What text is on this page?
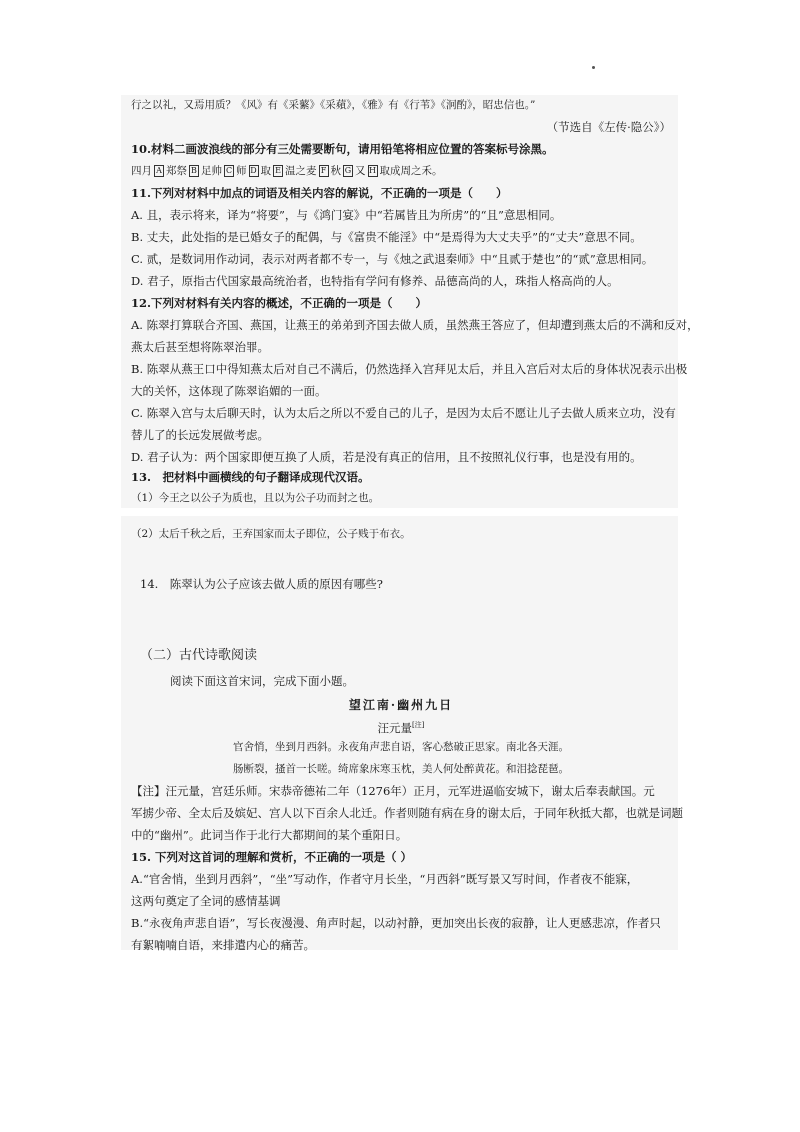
行之以礼，又焉用质？《风》有《采蘩》《采蘋》，《雅》有《行苇》《泂酌》，昭忠信也。”
（节选自《左传·隐公》）
10.材料二画波浪线的部分有三处需要断句，请用铅笔将相应位置的答案标号涂黑。
四月 A 郑祭 B 足帅 C 师 D 取 E 温之麦 F 秋 G 又 H 取成周之禾。
11.下列对材料中加点的词语及相关内容的解说，不正确的一项是（　　）
A. 且，表示将来，译为“将要”，与《鸿门宴》中“若属皆且为所虏”的“且”意思相同。
B. 丈夫，此处指的是已婚女子的配偶，与《富贵不能淫》中“是焉得为大丈夫乎”的“丈夫”意思不同。
C. 贰，是数词用作动词，表示对两者都不专一，与《烛之武退秦师》中“且贰于楚也”的“贰”意思相同。
D. 君子，原指古代国家最高统治者，也特指有学问有修养、品德高尚的人，珠指人格高尚的人。
12.下列对材料有关内容的概述，不正确的一项是（　　）
A. 陈翠打算联合齐国、燕国，让燕王的弟弟到齐国去做人质，虽然燕王答应了，但却遭到燕太后的不满和反对，
燕太后甚至想将陈翠治罪。
B. 陈翠从燕王口中得知燕太后对自己不满后，仍然选择入宫拜见太后，并且入宫后对太后的身体状况表示出极
大的关怀，这体现了陈翠谄媚的一面。
C. 陈翠入宫与太后聊天时，认为太后之所以不爱自己的儿子，是因为太后不愿让儿子去做人质来立功，没有
替儿了的长远发展做考虑。
D. 君子认为：两个国家即便互换了人质，若是没有真正的信用，且不按照礼仪行事，也是没有用的。
13.　把材料中画横线的句子翻译成现代汉语。
（1）今王之以公子为质也，且以为公子功而封之也。
（2）太后千秋之后，王弃国家而太子即位，公子贱于布衣。
14.　陈翠认为公子应该去做人质的原因有哪些?
（二）古代诗歌阅读
阅读下面这首宋词，完成下面小题。
望江南·幽州九日
汪元量[注]
官舍悄，坐到月西斜。永夜角声悲自语，客心愁破正思家。南北各天涯。
肠断裂，搔首一长嗟。绮席象床寒玉枕，美人何处醉黄花。和泪捻琵琶。
【注】汪元量，宫廷乐师。宋恭帝德祐二年（1276年）正月，元军进逼临安城下，谢太后奉表献国。元
军掳少帝、全太后及嫔妃、宫人以下百余人北迁。作者则随有病在身的谢太后，于同年秋抵大都，也就是词题
中的“幽州”。此词当作于北行大都期间的某个重阳日。
15. 下列对这首词的理解和赏析，不正确的一项是（ ）
A.“官舍悄，坐到月西斜”，“坐”写动作，作者守月长坐，“月西斜”既写景又写时间，作者夜不能寐，
这两句奠定了全词的感情基调
B.“永夜角声悲自语”，写长夜漫漫、角声时起，以动衬静，更加突出长夜的寂静，让人更感悲凉，作者只
有絮喃喃自语，来排遣内心的痛苦。
